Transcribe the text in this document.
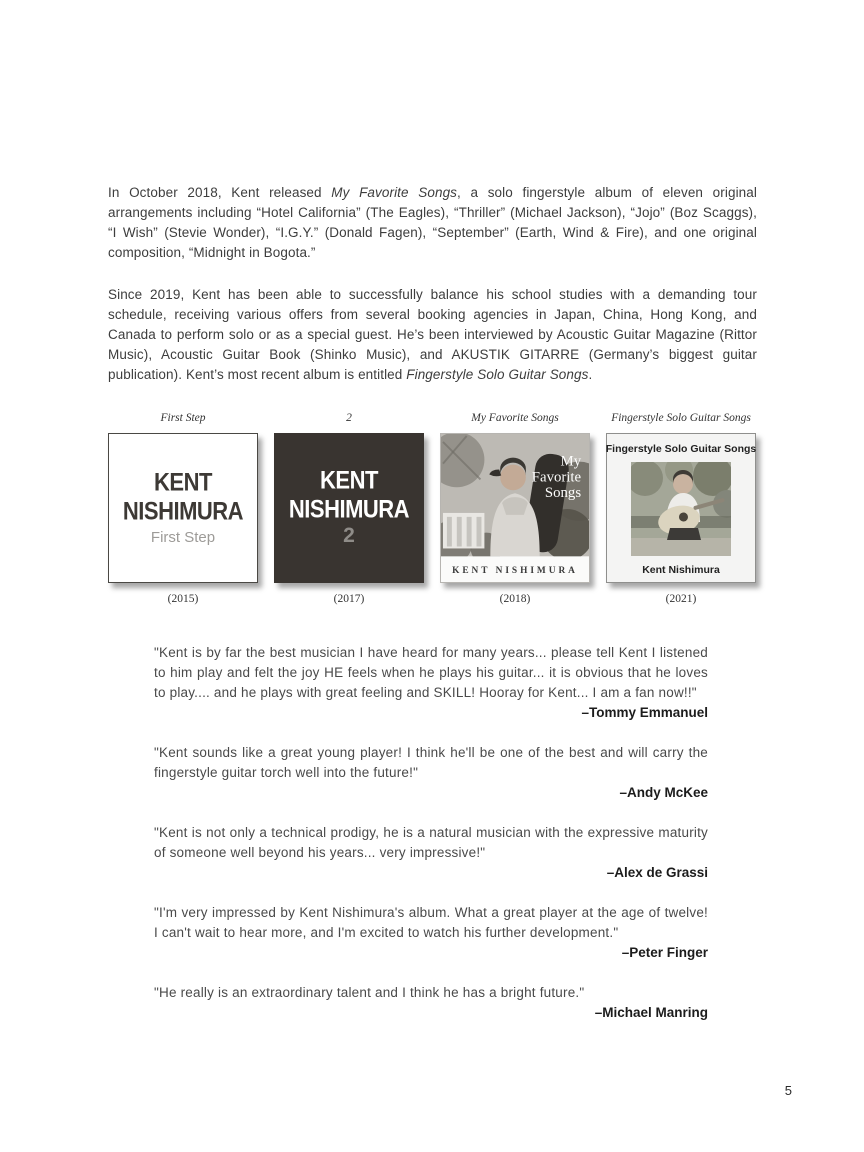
In October 2018, Kent released My Favorite Songs, a solo fingerstyle album of eleven original arrangements including “Hotel California” (The Eagles), “Thriller” (Michael Jackson), “Jojo” (Boz Scaggs), “I Wish” (Stevie Wonder), “I.G.Y.” (Donald Fagen), “September” (Earth, Wind & Fire), and one original composition, “Midnight in Bogota.”

Since 2019, Kent has been able to successfully balance his school studies with a demanding tour schedule, receiving various offers from several booking agencies in Japan, China, Hong Kong, and Canada to perform solo or as a special guest. He’s been interviewed by Acoustic Guitar Magazine (Rittor Music), Acoustic Guitar Book (Shinko Music), and AKUSTIK GITARRE (Germany’s biggest guitar publication). Kent’s most recent album is entitled Fingerstyle Solo Guitar Songs.

First Step
KENT
NISHIMURA
First Step
(2015)
2
KENT
NISHIMURA
2
(2017)
My Favorite Songs
My
Favorite
Songs
KENT NISHIMURA
(2018)
Fingerstyle Solo Guitar Songs
Fingerstyle Solo Guitar Songs
Kent Nishimura
(2021)

"Kent is by far the best musician I have heard for many years... please tell Kent I listened to him play and felt the joy HE feels when he plays his guitar... it is obvious that he loves to play.... and he plays with great feeling and SKILL! Hooray for Kent... I am a fan now!!"

–Tommy Emmanuel

"Kent sounds like a great young player! I think he'll be one of the best and will carry the fingerstyle guitar torch well into the future!"

–Andy McKee

"Kent is not only a technical prodigy, he is a natural musician with the expressive maturity of someone well beyond his years... very impressive!"

–Alex de Grassi

"I'm very impressed by Kent Nishimura's album. What a great player at the age of twelve! I can't wait to hear more, and I'm excited to watch his further development."

–Peter Finger

"He really is an extraordinary talent and I think he has a bright future."

–Michael Manring

5
